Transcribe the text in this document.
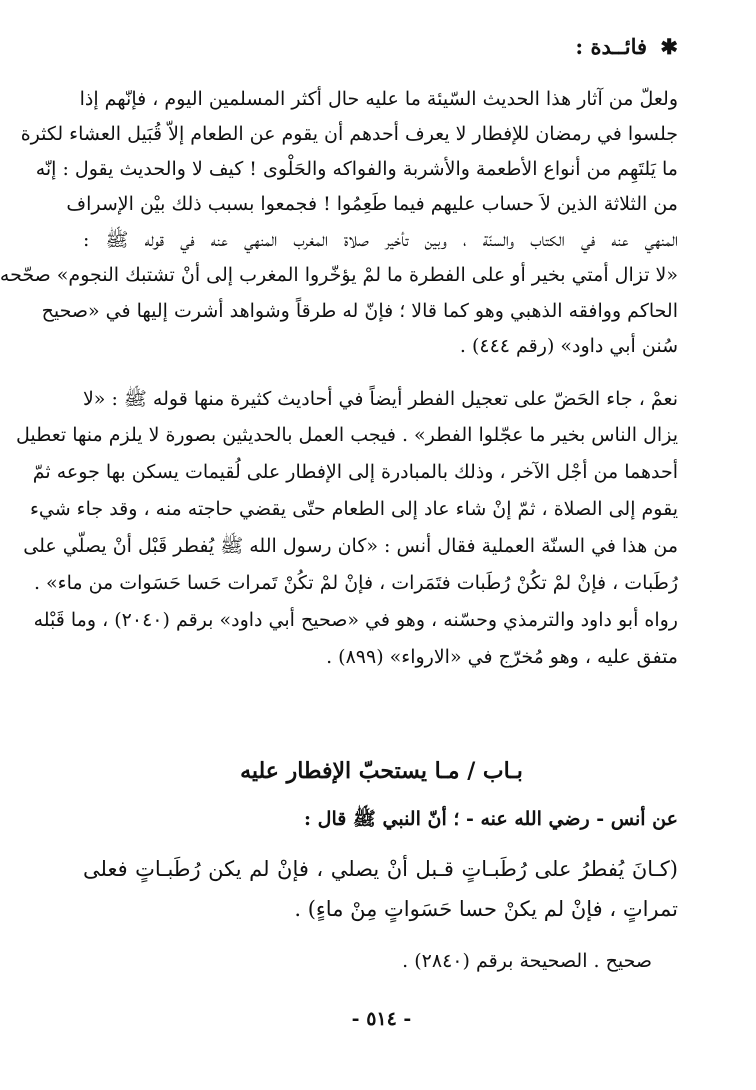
✱ فائــدة :
ولعلّ من آثار هذا الحديث السّيئة ما عليه حال أكثر المسلمين اليوم ، فإنّهم إذا
جلسوا في رمضان للإفطار لا يعرف أحدهم أن يقوم عن الطعام إلاّ قُبَيل العشاء لكثرة
ما يَلتَهِم من أنواع الأطعمة والأشربة والفواكه والحَلْوى ! كيف لا والحديث يقول : إنّه
من الثلاثة الذين لاَ حساب عليهم فيما طَعِمُوا ! فجمعوا بسبب ذلك بيْن الإسراف
المنهي عنه في الكتاب والسنّة ، وبين تأخير صلاة المغرب المنهي عنه في قوله ﷺ :
«لا تزال أمتي بخير أو على الفطرة ما لمْ يؤخّروا المغرب إلى أنْ تشتبك النجوم» صحّحه
الحاكم ووافقه الذهبي وهو كما قالا ؛ فإنّ له طرقاً وشواهد أشرت إليها في «صحيح
سُنن أبي داود» (رقم ٤٤٤) .
نعمْ ، جاء الحَضّ على تعجيل الفطر أيضاً في أحاديث كثيرة منها قوله ﷺ : «لا
يزال الناس بخير ما عجّلوا الفطر» . فيجب العمل بالحديثين بصورة لا يلزم منها تعطيل
أحدهما من أجْل الآخر ، وذلك بالمبادرة إلى الإفطار على لُقيمات يسكن بها جوعه ثمّ
يقوم إلى الصلاة ، ثمّ إنْ شاء عاد إلى الطعام حتّى يقضي حاجته منه ، وقد جاء شيء
من هذا في السنّة العملية فقال أنس : «كان رسول الله ﷺ يُفطر قَبْل أنْ يصلّي على
رُطَبات ، فإنْ لمْ تكُنْ رُطَبات فتَمَرات ، فإنْ لمْ تكُنْ تَمرات حَسا حَسَوات من ماء» .
رواه أبو داود والترمذي وحسّنه ، وهو في «صحيح أبي داود» برقم (٢٠٤٠) ، وما قَبْله
متفق عليه ، وهو مُخرّج في «الارواء» (٨٩٩) .
بـاب / مـا يستحبّ الإفطار عليه
عن أنس - رضي الله عنه - ؛ أنّ النبي ﷺ قال :
(كـانَ يُفطرُ على رُطَبـاتٍ قـبل أنْ يصلي ، فإنْ لم يكن رُطَبـاتٍ فعلى
تمراتٍ ، فإنْ لم يكنْ حسا حَسَواتٍ مِنْ ماءٍ) .
صحيح . الصحيحة برقم (٢٨٤٠) .
- ٥١٤ -
